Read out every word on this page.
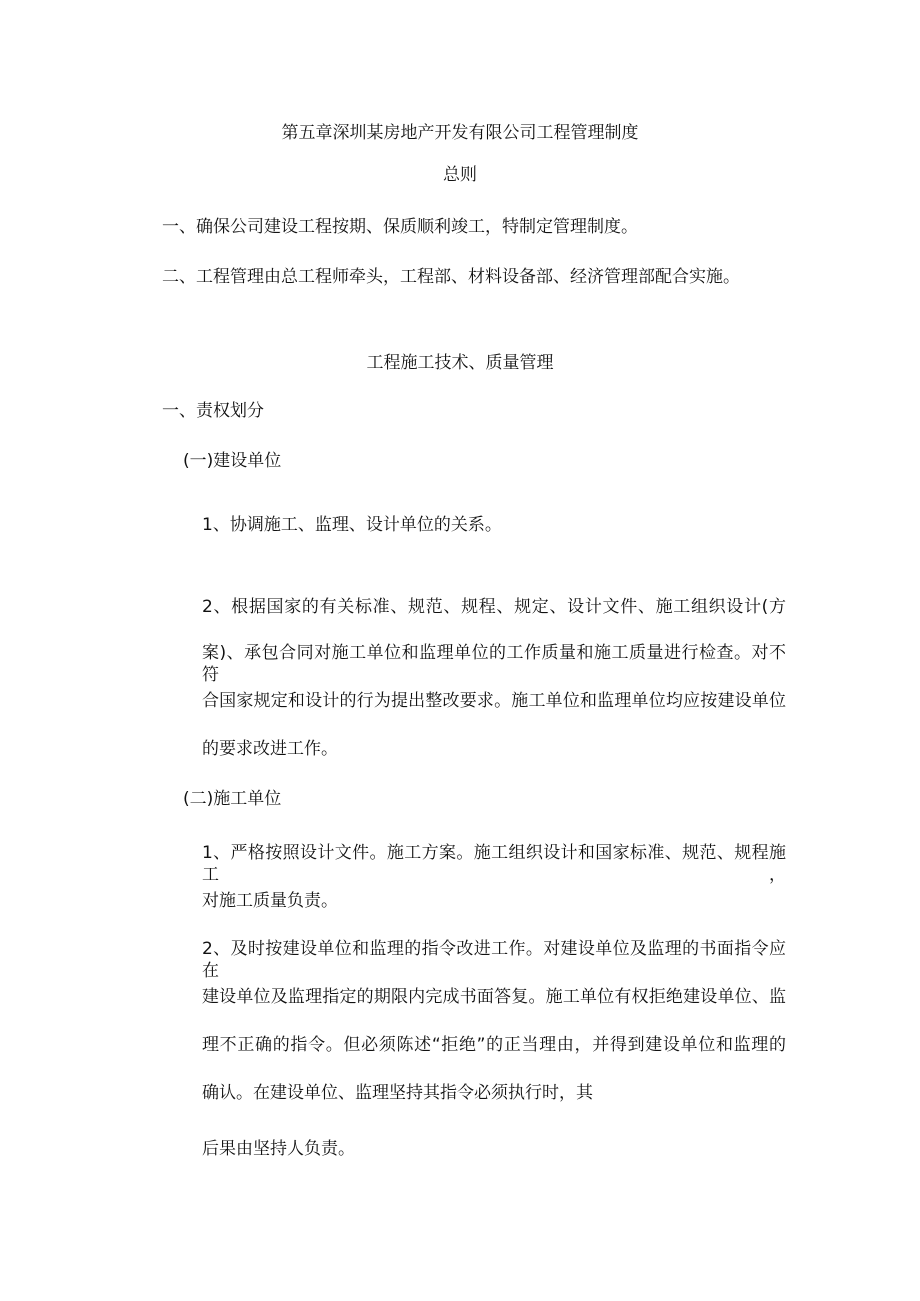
第五章深圳某房地产开发有限公司工程管理制度

总则

一、确保公司建设工程按期、保质顺利竣工，特制定管理制度。

二、工程管理由总工程师牵头，工程部、材料设备部、经济管理部配合实施。

工程施工技术、质量管理

一、责权划分

(一)建设单位

1、协调施工、监理、设计单位的关系。

2、根据国家的有关标准、规范、规程、规定、设计文件、施工组织设计(方

案)、承包合同对施工单位和监理单位的工作质量和施工质量进行检查。对不符

合国家规定和设计的行为提出整改要求。施工单位和监理单位均应按建设单位

的要求改进工作。

(二)施工单位

1、严格按照设计文件。施工方案。施工组织设计和国家标准、规范、规程施工，

对施工质量负责。

2、及时按建设单位和监理的指令改进工作。对建设单位及监理的书面指令应在

建设单位及监理指定的期限内完成书面答复。施工单位有权拒绝建设单位、监

理不正确的指令。但必须陈述“拒绝”的正当理由，并得到建设单位和监理的

确认。在建设单位、监理坚持其指令必须执行时，其

后果由坚持人负责。
